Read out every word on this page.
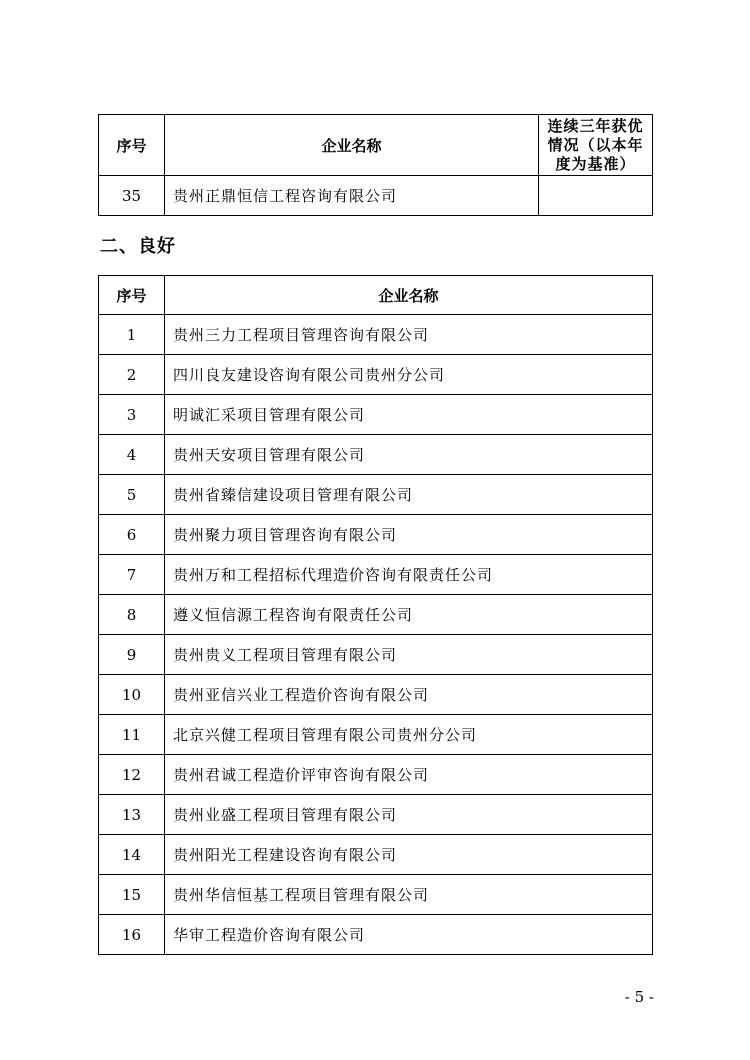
序号	企业名称	连续三年获优情况（以本年度为基准）
35	贵州正鼎恒信工程咨询有限公司	
二、良好
序号	企业名称
1	贵州三力工程项目管理咨询有限公司
2	四川良友建设咨询有限公司贵州分公司
3	明诚汇采项目管理有限公司
4	贵州天安项目管理有限公司
5	贵州省臻信建设项目管理有限公司
6	贵州聚力项目管理咨询有限公司
7	贵州万和工程招标代理造价咨询有限责任公司
8	遵义恒信源工程咨询有限责任公司
9	贵州贵义工程项目管理有限公司
10	贵州亚信兴业工程造价咨询有限公司
11	北京兴健工程项目管理有限公司贵州分公司
12	贵州君诚工程造价评审咨询有限公司
13	贵州业盛工程项目管理有限公司
14	贵州阳光工程建设咨询有限公司
15	贵州华信恒基工程项目管理有限公司
16	华审工程造价咨询有限公司
- 5 -
